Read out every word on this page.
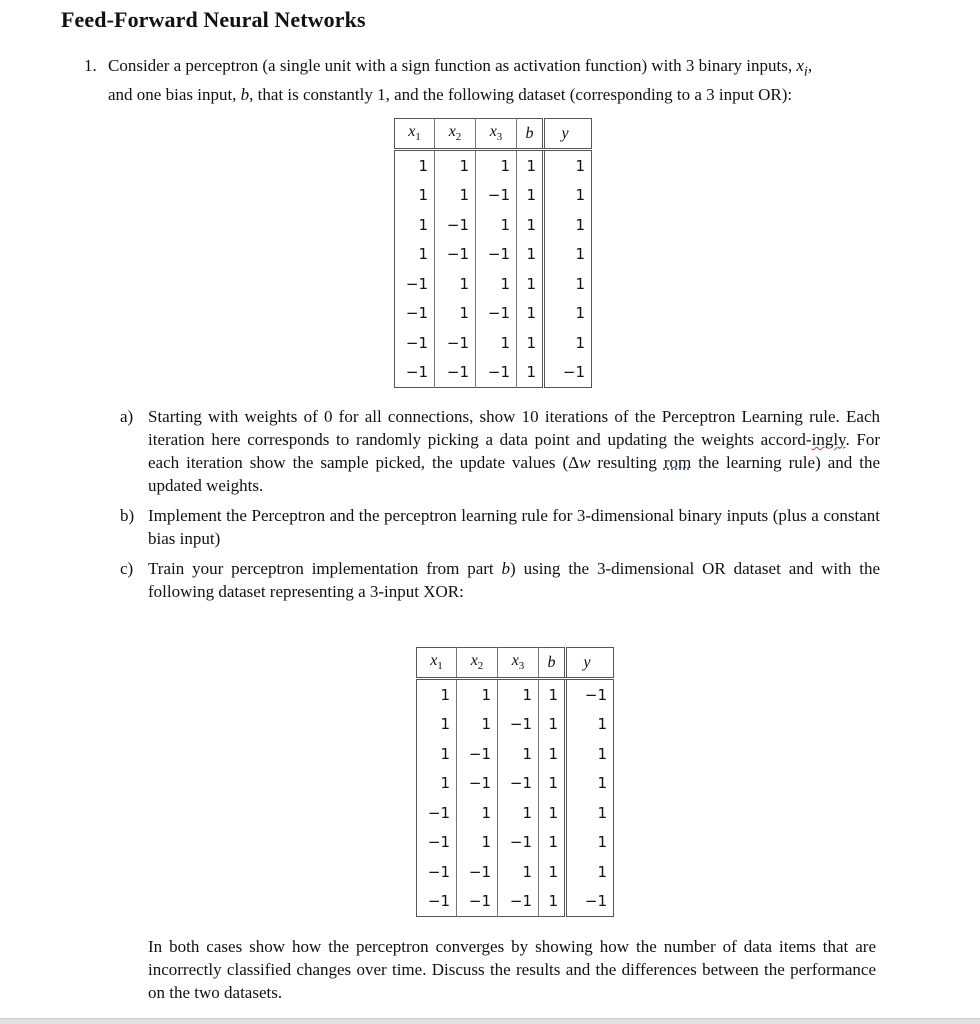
Feed-Forward Neural Networks
1. Consider a perceptron (a single unit with a sign function as activation function) with 3 binary inputs, $x_i$,
and one bias input, b, that is constantly 1, and the following dataset (corresponding to a 3 input OR):
$x_1$	$x_2$	$x_3$	b	y
1	1	1	1	1
1	1	−1	1	1
1	−1	1	1	1
1	−1	−1	1	1
−1	1	1	1	1
−1	1	−1	1	1
−1	−1	1	1	1
−1	−1	−1	1	−1
a) Starting with weights of 0 for all connections, show 10 iterations of the Perceptron Learning rule. Each iteration here corresponds to randomly picking a data point and updating the weights accord-ingly. For each iteration show the sample picked, the update values (Δw resulting rom the learning rule) and the updated weights.
b) Implement the Perceptron and the perceptron learning rule for 3-dimensional binary inputs (plus a constant bias input)
c) Train your perceptron implementation from part b) using the 3-dimensional OR dataset and with the following dataset representing a 3-input XOR:
$x_1$	$x_2$	$x_3$	b	y
1	1	1	1	−1
1	1	−1	1	1
1	−1	1	1	1
1	−1	−1	1	1
−1	1	1	1	1
−1	1	−1	1	1
−1	−1	1	1	1
−1	−1	−1	1	−1
In both cases show how the perceptron converges by showing how the number of data items that are incorrectly classified changes over time. Discuss the results and the differences between the performance on the two datasets.
